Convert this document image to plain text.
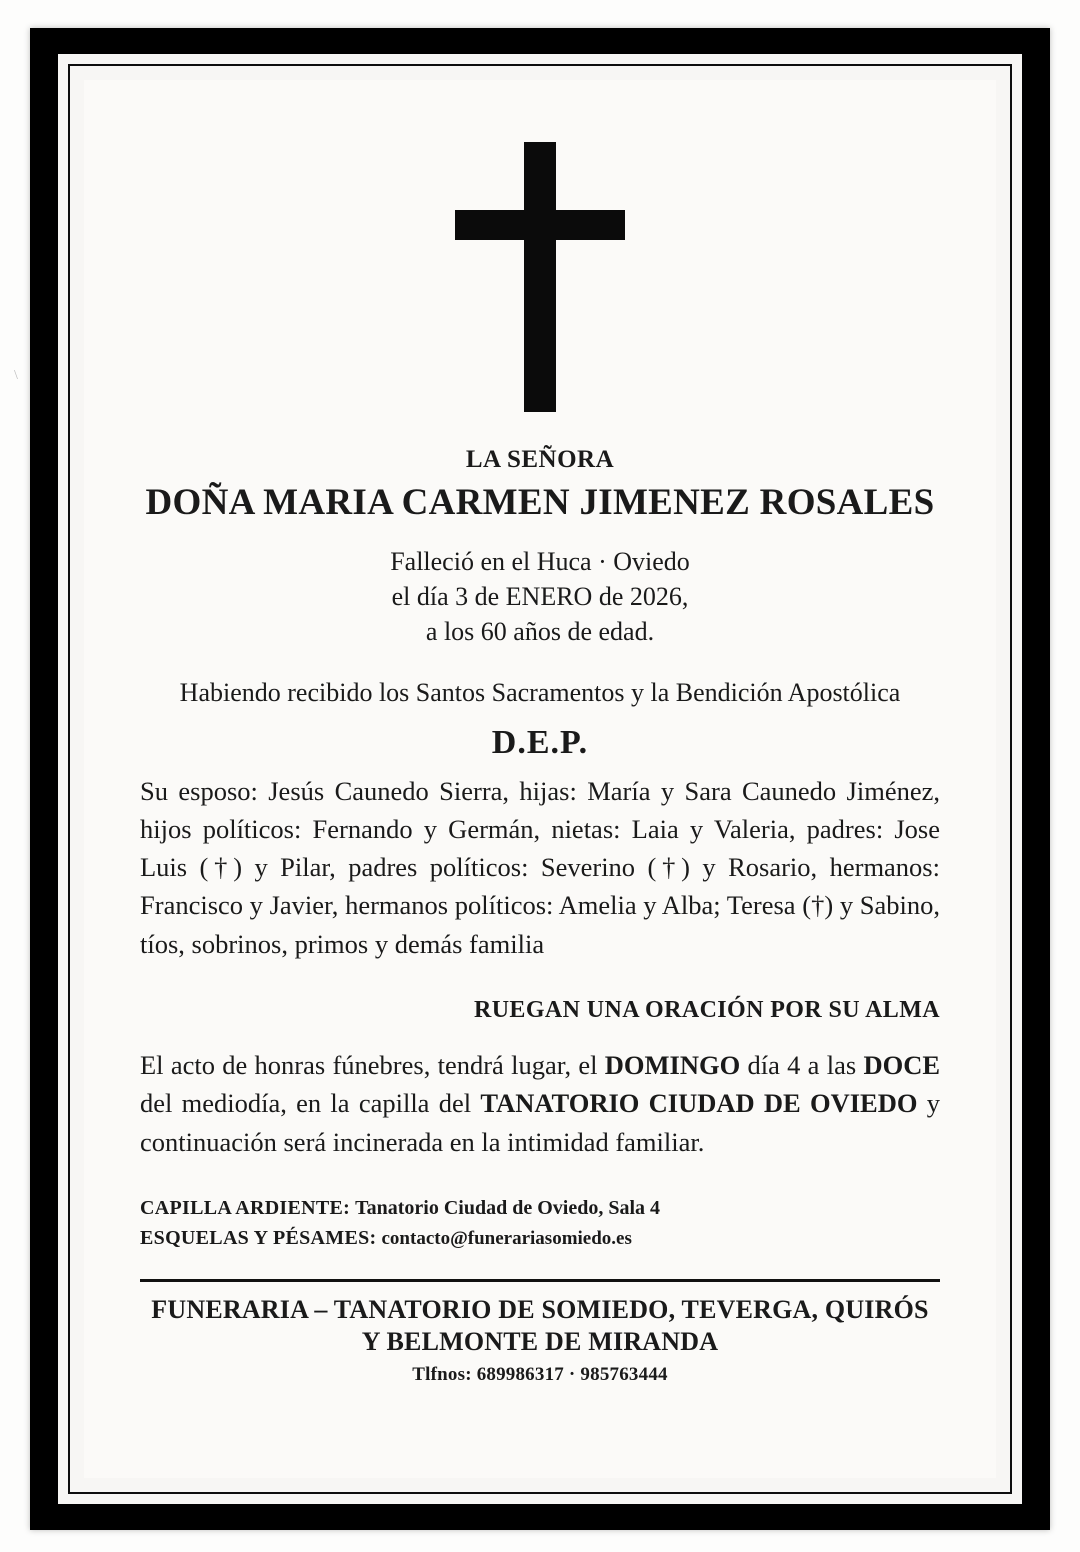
\
LA SEÑORA
DOÑA MARIA CARMEN JIMENEZ ROSALES
Falleció en el Huca · Oviedo
el día 3 de ENERO de 2026,
a los 60 años de edad.
Habiendo recibido los Santos Sacramentos y la Bendición Apostólica
D.E.P.
Su esposo: Jesús Caunedo Sierra, hijas: María y Sara Caunedo Jiménez, hijos políticos: Fernando y Germán, nietas: Laia y Valeria, padres: Jose Luis (†) y Pilar, padres políticos: Severino (†) y Rosario, hermanos: Francisco y Javier, hermanos políticos: Amelia y Alba; Teresa (†) y Sabino, tíos, sobrinos, primos y demás familia
RUEGAN UNA ORACIÓN POR SU ALMA
El acto de honras fúnebres, tendrá lugar, el DOMINGO día 4 a las DOCE del mediodía, en la capilla del TANATORIO CIUDAD DE OVIEDO y continuación será incinerada en la intimidad familiar.
CAPILLA ARDIENTE: Tanatorio Ciudad de Oviedo, Sala 4
ESQUELAS Y PÉSAMES: contacto@funerariasomiedo.es
FUNERARIA – TANATORIO DE SOMIEDO, TEVERGA, QUIRÓS
Y BELMONTE DE MIRANDA
Tlfnos: 689986317 · 985763444
